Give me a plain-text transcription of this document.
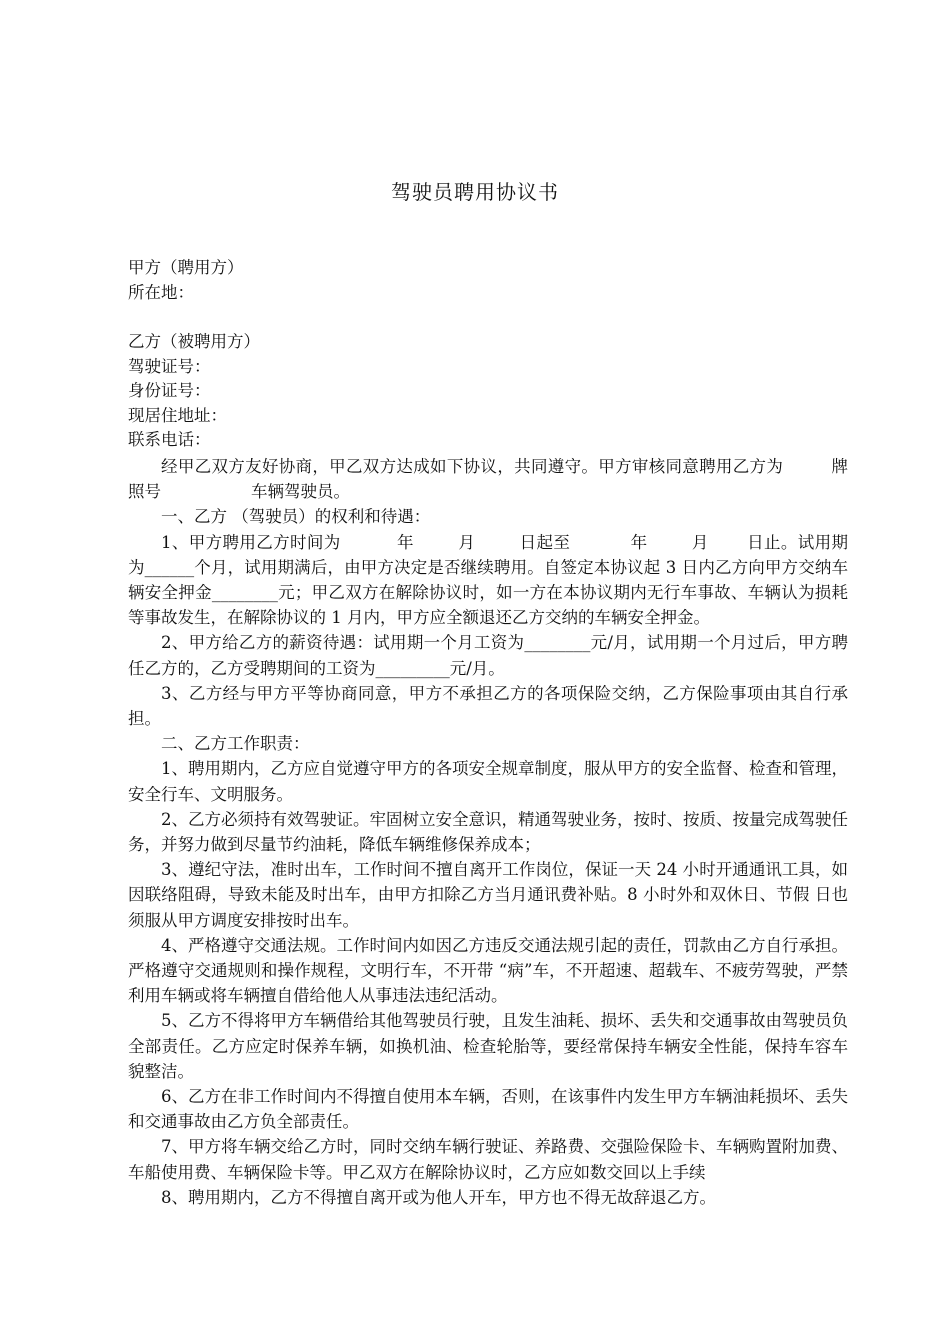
驾驶员聘用协议书
甲方（聘用方）
所在地：
乙方（被聘用方）
驾驶证号：
身份证号：
现居住地址：
联系电话：

经甲乙双方友好协商，甲乙双方达成如下协议，共同遵守。甲方审核同意聘用乙方为	牌照号	车辆驾驶员。

一、乙方 （驾驶员）的权利和待遇：

1、甲方聘用乙方时间为	年	月	日起至	年	月 日止。试用期为______个月，试用期满后，由甲方决定是否继续聘用。自签定本协议起 3 日内乙方向甲方交纳车辆安全押金________元；甲乙双方在解除协议时，如一方在本协议期内无行车事故、车辆认为损耗等事故发生，在解除协议的 1 月内，甲方应全额退还乙方交纳的车辆安全押金。

2、甲方给乙方的薪资待遇：试用期一个月工资为________元/月，试用期一个月过后，甲方聘任乙方的，乙方受聘期间的工资为_________元/月。

3、乙方经与甲方平等协商同意，甲方不承担乙方的各项保险交纳，乙方保险事项由其自行承担。

二、乙方工作职责：

1、聘用期内，乙方应自觉遵守甲方的各项安全规章制度，服从甲方的安全监督、检查和管理，安全行车、文明服务。

2、乙方必须持有效驾驶证。牢固树立安全意识，精通驾驶业务，按时、按质、按量完成驾驶任务，并努力做到尽量节约油耗，降低车辆维修保养成本；

3、遵纪守法，准时出车，工作时间不擅自离开工作岗位，保证一天 24 小时开通通讯工具，如因联络阻碍，导致未能及时出车，由甲方扣除乙方当月通讯费补贴。8 小时外和双休日、节假 日也须服从甲方调度安排按时出车。

4、严格遵守交通法规。工作时间内如因乙方违反交通法规引起的责任，罚款由乙方自行承担。严格遵守交通规则和操作规程，文明行车，不开带 “病”车，不开超速、超载车、不疲劳驾驶，严禁利用车辆或将车辆擅自借给他人从事违法违纪活动。

5、乙方不得将甲方车辆借给其他驾驶员行驶，且发生油耗、损坏、丢失和交通事故由驾驶员负全部责任。乙方应定时保养车辆，如换机油、检查轮胎等，要经常保持车辆安全性能，保持车容车貌整洁。

6、乙方在非工作时间内不得擅自使用本车辆，否则，在该事件内发生甲方车辆油耗损坏、丢失和交通事故由乙方负全部责任。

7、甲方将车辆交给乙方时，同时交纳车辆行驶证、养路费、交强险保险卡、车辆购置附加费、车船使用费、车辆保险卡等。甲乙双方在解除协议时，乙方应如数交回以上手续

8、聘用期内，乙方不得擅自离开或为他人开车，甲方也不得无故辞退乙方。
